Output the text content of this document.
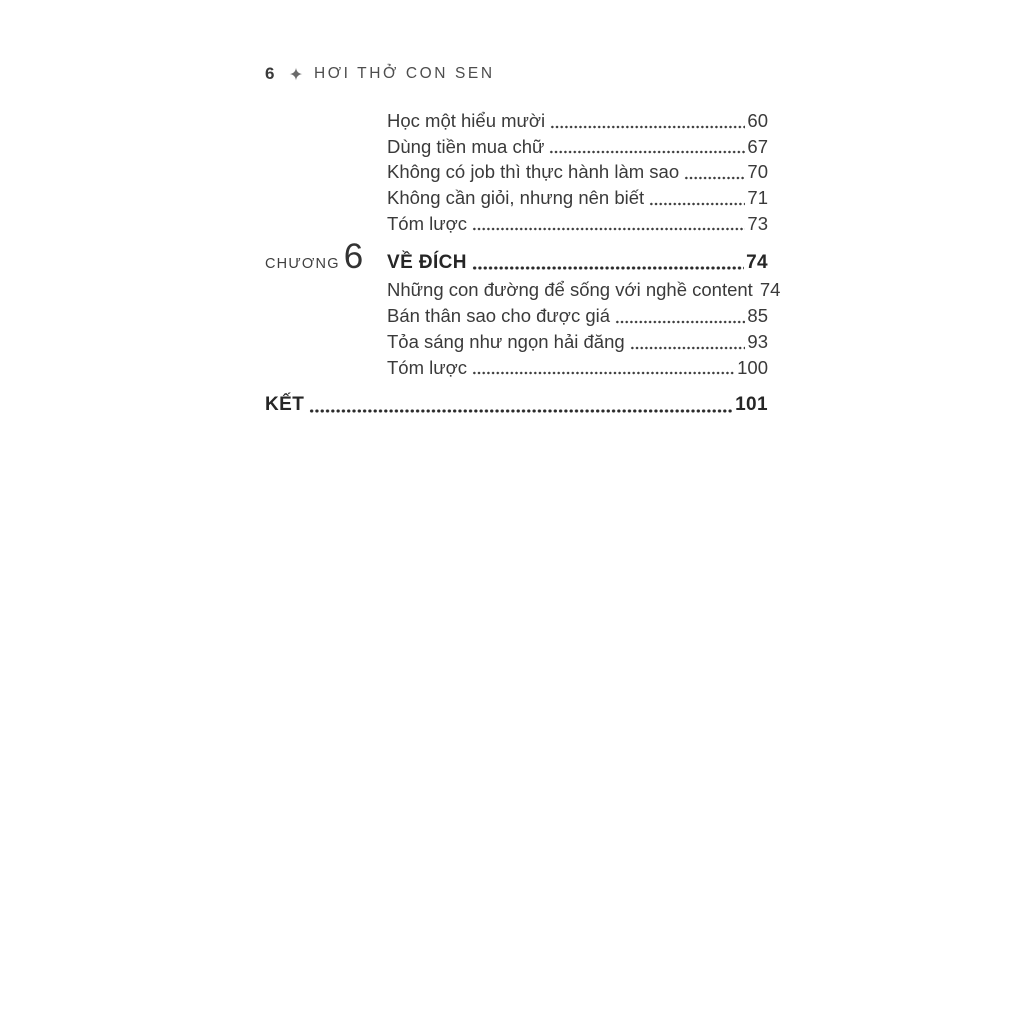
6	HƠI THỞ CON SEN
Học một hiểu mười	60
Dùng tiền mua chữ	67
Không có job thì thực hành làm sao	70
Không cần giỏi, nhưng nên biết	71
Tóm lược	73
CHƯƠNG 6 VỀ ĐÍCH	74
Những con đường để sống với nghề content 74
Bán thân sao cho được giá	85
Tỏa sáng như ngọn hải đăng	93
Tóm lược	100
KẾT	101
